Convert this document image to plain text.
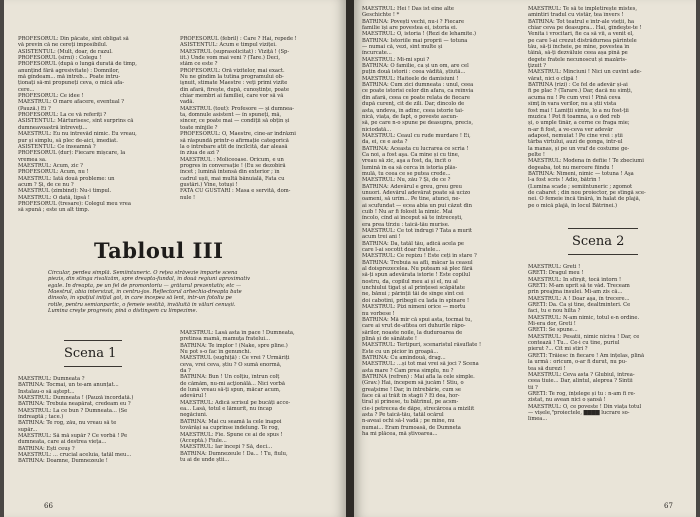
PROFESORUL: Din păcate, sînt obligat să

vă previn că ne cereți imposibilul.

ASISTENTUL: (Mult, doar, de razul.

PROFESORUL (sîrni) : Colegu !

PROFESORUL (după o lungă durată de timp,

anunțînd fără agresivitate) : Domnilor,

mă gîndeam... mă întreb... Poate intru-

ționați să-mi propuneți ceva, o mică afa-

cere...

PROFESORUL: Ce idee !

MAESTRUL: O mare afacere, eventual ?

(Pauză.) Ei ?

PROFESORUL: La ce vă referiți ?

ASISTENTUL: Mărturisesc, sînt surprins că

dumneavoastră întreveți...

MAESTRUL: Eu nu întrevăd nimic. Eu vreau,

pur și simplu, să plec de-aici, imediat.

ASISTENTUL: Ce înseamnă ?

PROFESORUL (dur): Fiecare mișcare, la

vremea sa.

MAESTRUL: Acum, zic ?

PROFESORUL: Acum, nu !

MAESTRUL: Iată două probleme: un

acum ? Și, de ce nu ?

MAESTRUL (zîmbind): Nu-i timpul.

MAESTRUL: O dată, lipsă !

PROFESORUL (tresare): Colegul meu vrea

să spună ; este un alt timp.

PROFESORUL (febril) : Care ? Hai, repede !

ASISTENTUL: Acum e timpul viziței.

MAESTRUL (suprasolicitat) : Viziță ! (Sp-

iit.) Unde vom mai veni ? (Tare.) Deci,

stăm ce este ?

PROFESORUL: Oră vizitelor, mai exact.

Nu ne gîndim la tutina programului ob-

işnuit, stimate Maestre : veți primi vizite

din afară, firește, după, cunoștințe, poate

chiar membri ai familiei, care vor să vă

vadă.

MAESTRUL (tout): Profesore — și dumnea-

ta, domnule asistent — în spuneți, mă,

sincer, ce poate mai — condiții să obțin și

toate mînjile ?

PROFESORUL: O, Maestre, cine-ar îndrăzni

să răspundă printr-o afirmație categorică

la o întrebare atît de încîlcită, dar aleasă

în ziua de azi ?

MAESTRUL : Moliceoase. Oricum, e un

progres în conversație ! (Eu se dezobiră

încet ; lumină intensă din exterior ; în

cadrul ușii, mai multă bănuială, Fata cu

gustări.) Vine, totuși !

FATA CU GUSTĂRI : Masa e servită, dom-

nule !

Tabloul III

Circular, perdea simplă. Semiîntuneric. O rețea străveziе împarte scena

piezis, din stînga rivalizăm, spre dreapta-fundal, în două regiuni aproximativ

egale. În dreapta, pe un fel de promontoriu — grătarul prezentativ, etc —

Maestrul, abia intervizat, în centru-jos. Reflectorul arhechia-dreapta bate

dinsolo, în spațiul inițial gol, în care începea să lent, într-un fotoliu pe

rotile, pentru semianpartic, o femeie vestită, învăluită în văluri cenușii.

Lumina creşte progresiv, pînă o distingem cu limpezime.

Scena 1

MAESTRUL: Dumneata ?

BĂTRÎNA: Tocmai, un te-am anunțat...

Instalau-o să aştept...

MAESTRUL: Dumneata ! (Pauză încordată.)

BĂTRÎNA: Trebuia neapărat, credeam eu ?

MAESTRUL: La ce bun ? Dumneata... (Se

îndreaptă ; tace.)

BĂTRÎNA: Te rog, zău, nu vreau să te

supăr...

MAESTRUL: Să mă supăr ? Ce vorbă ! Pe

dumneata, care ai destrea vieța...

BĂTRÎNA: Ești ceuș ?

MAESTRUL: ... crucial aceluia, tatăl meu...

BĂTRÎNA: Doamne, Dumnezeule !

MAESTRUL: Lasă asta în pace ! Dumneata,

pretinsa mamă, mamuța fratelui...

BĂTRÎNA: Te implor ! (Nake, spre pline.)

Nu pot s-o fac în genunchi.

MAESTRUL (sughiță) : Ce vrei ? Urmăriți

ceva, vrei ceva, știu ? O sumă enormă,

da ?

BĂTRÎNA: Bun ! Un colțiu, întrun colț

de cămăm, nu-mi acţionălă... Nici vorbă

de lună vreau să-ți spun, măcar acum,

adevărul !

MAESTRUL: Adică scrisul pe bucăți acce-

ea... Lasă, totul e lămurit, nu încap

negăciuni.

BĂTRÎNA: Mai cu seamă la cele înapoi

tovărăși sa cuprinse îndelung. Te rog,

MAESTRUL: Fie. Spune ce ai de spus !

(Acceptă.) Fiule...

MAESTRUL: Iar începi ? Să, deci...

BĂTRÎNA: Dumnezeule ! Da... ! Tu, fiulu,

tu ai de unde știi...

66

MAESTRUL: Hei ! Das ist eine alte

Geschichte ! *

BĂTRÎNA: Povești vechi, nu-i ? Fiecare

familie își are povestea ei, istoria ei.

MAESTRUL: O, istoria ! (Rezî de lehamite.)

BĂTRÎNA: Istoriile mai proprii — totuna

— numai că, vezi, sînt multe și

încurcate...

MAESTRUL: Mi-mi spui ?

BĂTRÎNA: O familie, ca și un om, are cel

puțin două istorii : ceea vădită, știută...

MAESTRUL: Haiteele de damisiuni !

BĂTRÎNA: Cum zici dumneata : unul, ceea

ce poate istorisi celor din afara, ca reînvia

din afară, ceea ce poate relata de fiecare

după curenț, cit de zili. Dar, dincolo de

asta, undeva, în adînc, ceea istorie tai-

nică, viața, de fapt, o poveste ascun-

să, pe care n-o spune pe deasupra, precis,

niciodată...

MAESTRUL: Ceaul cu rude murdare ! Ei,

da, ei, ce e asta ?

BĂTRÎNA: Aceasta cu lucrarea ce scria !

Ca noi, a fost aşa. Ca mine și cu tine,

vreau să zic, aşa a fost, da, încît o

lumină în ea să cerca în istoria plăs-

mulă, tu ceea ce se putea crede...

MAESTRUL: Nu, zău ? Și, de ce ?

BĂTRÎNA: Adevărul e greu, greu greu

unuori. Adevărul adevărat poate să ucizo

oameni, să urîm... Pe tine, atunci, ne-

ai scufundat — ecea abia un pui căzut din

cuib ! Nu ar fi folosit la nimic. Mai

încolo, cînd ai început să te întrecești,

era prea tîrziu : taică-tău murise.

MAESTRUL: Ce tot îndrugi ? Tata a murit

acum trei ani !

BĂTRÎNA: Da, tatăl tău, adică acela pe

care l-ai socotit doar fratele...

MAESTRUL: Ce repizu ! Este ceți în stare ?

BĂTRÎNA: Trebuia sa afli, măcar la ceasul

al doisprezecelea. Nu puteam să plec fără

să-ți spun adevărata istorie ! Este copilul

nostru, da, copilul meu ai și el, nu al

unchiului tigat și al prințesei scăpătate

ne, bănui ; părinții tăi de sînge sînt cei

doi cabotini, pribegii cu lada în spinare !

MAESTRUL: Pizi nimeni orice — mortu

nu vorbese !

BĂTRÎNA: Mă mir că spui asta, tocmai tu,

care ai vrut de-atîtea ori duhurile răpo-

sărilor, noaste noile, la duduroarea de

plină și de sănătate !

MAESTRUL: Tertipuri, scenaristul răsuflate !

Este cu un picior în groapă...

BĂTRÎNA: Cu amîndouă, drag...

MAESTRUL: ...și tot mai vrei să joci ? Scena

asta mare ? Cam prea simplu, nu ?

BĂTRÎNA (refren) : Mai afla la cele simple.

(Grav.) Hai, începem să jucăm ! Stiu, o

greaţsime ! Dar, în întrebărie, cum se

face că ai trăit în stagii ? Ei dea, hor-

tiral și prinese, tu bătrînul, pe acsm-

cie-i petrecea de dăpe, strecărcea a mizilit

asta ? Pe taică-tău, tatăl ocărul

n-aveai ochi să-l vadă ; pe mine, nu

numai... Eram frumoasă, de Dumneta

ha mi plăcea, mă știvoarea...

MAESTRUL: Te să te impletirește mistes,

amintiri tradul cu vistăr, tea învers !

BĂTRÎNA: Tot teatrul e într-ale vieții, ha

chiar ceva pe deasupra... Hai, gîndeşte-te !

Venita i vrocitari, fie ca să vii, a venit el,

pe care l-ai crezut distrădurnea părintele

tău, să-ți încheie, pe mine, povestea în

tăină, să-ți dezvăluie ceea așa pînă pe

degete fratele necunoscut și mazăris-

ţizuit ?

MAESTRUL: Minciuni ! Nici un cuvînt ade-

vărat, nici o clipă !

BĂTRÎNA (rîzi) : Ce fel de adevăr și-ai

fi pe plac ? (Tarare.) Dar, dacă nu simți,

acuma nu ! Pe cum vrei ! Pînă ceva

sîmţ în vara verilor, nu a știi vista

fost mai ! Lamiții simte, lo a nu fost-ții

muzica ! Pot fi toamna, a o ded reb

și, o umple tînăr, a cerne ce fraga mie;

n-ar fi fost, a ve-ceva ver adevăr

adapost, nemuiat ! Pe cine vrei : știi

tărba vîrtului, auzi de gonga, într-ul

la manas, și pe un vraf de costume ge-

pelte !

MAESTRUL: Modena în defiie ! Te zbeciumi

degeaba, tot nu mercere fiindu !

BĂTRÎNA: Nimeni, nimic — totuna ! Aşa

l-a fost scris ! Adio, bătrîn !

(Lumina scade ; semiîntuneric ; zgomot

de cabaret ; din nou proiector, pe stîngă sce-

nei. O femeie încă tînără, în halat de plajă,

pe o mică plajă, în locul Bătrînei.)

Scena 2

MAESTRUL: Greti !

GRETI: Dragul meu !

MAESTRUL: În sfîrșit, tocă întorn !

GRETI: M-am uprit să te văd. Treceam

prin preajma insulei. Mi-am zis că...

MAESTRUL: A ! Doar aşa, în trecere...

GRETI: Da. Ca și tine, dealtminteri. Ce

faci, tu e nou hilta ?

MAESTRUL: N-am nimic, totul e-n ordine.

Mi-era dor, Greti !

GRETI: Se spune...

MAESTRUL: Pesatii, nimic niciva ! Dar, ce

contează ! Tu... Ce-i cu tine, puriul

pierut ?... Cît mi stiri ?

GRETI: Trăiesc în fiecare ! Am înțelas, plină

la urmă : oricum, o-ar fi durut, nu pu-

tea să durezi !

MAESTRUL: Ceva asta ? Glubiul, întrea-

ceea tiuie... Dar, alintul, aleprea ? Sîntii

tii ?

GRETI: Te rog, înțelege și tu : n-am fi re-

zistat, nu avean nici o șansă !

MAESTRUL: O, ce poveste ! Din viața totul

— vișele,"proiectele, ████ lucrare so-

lîmea...

67
